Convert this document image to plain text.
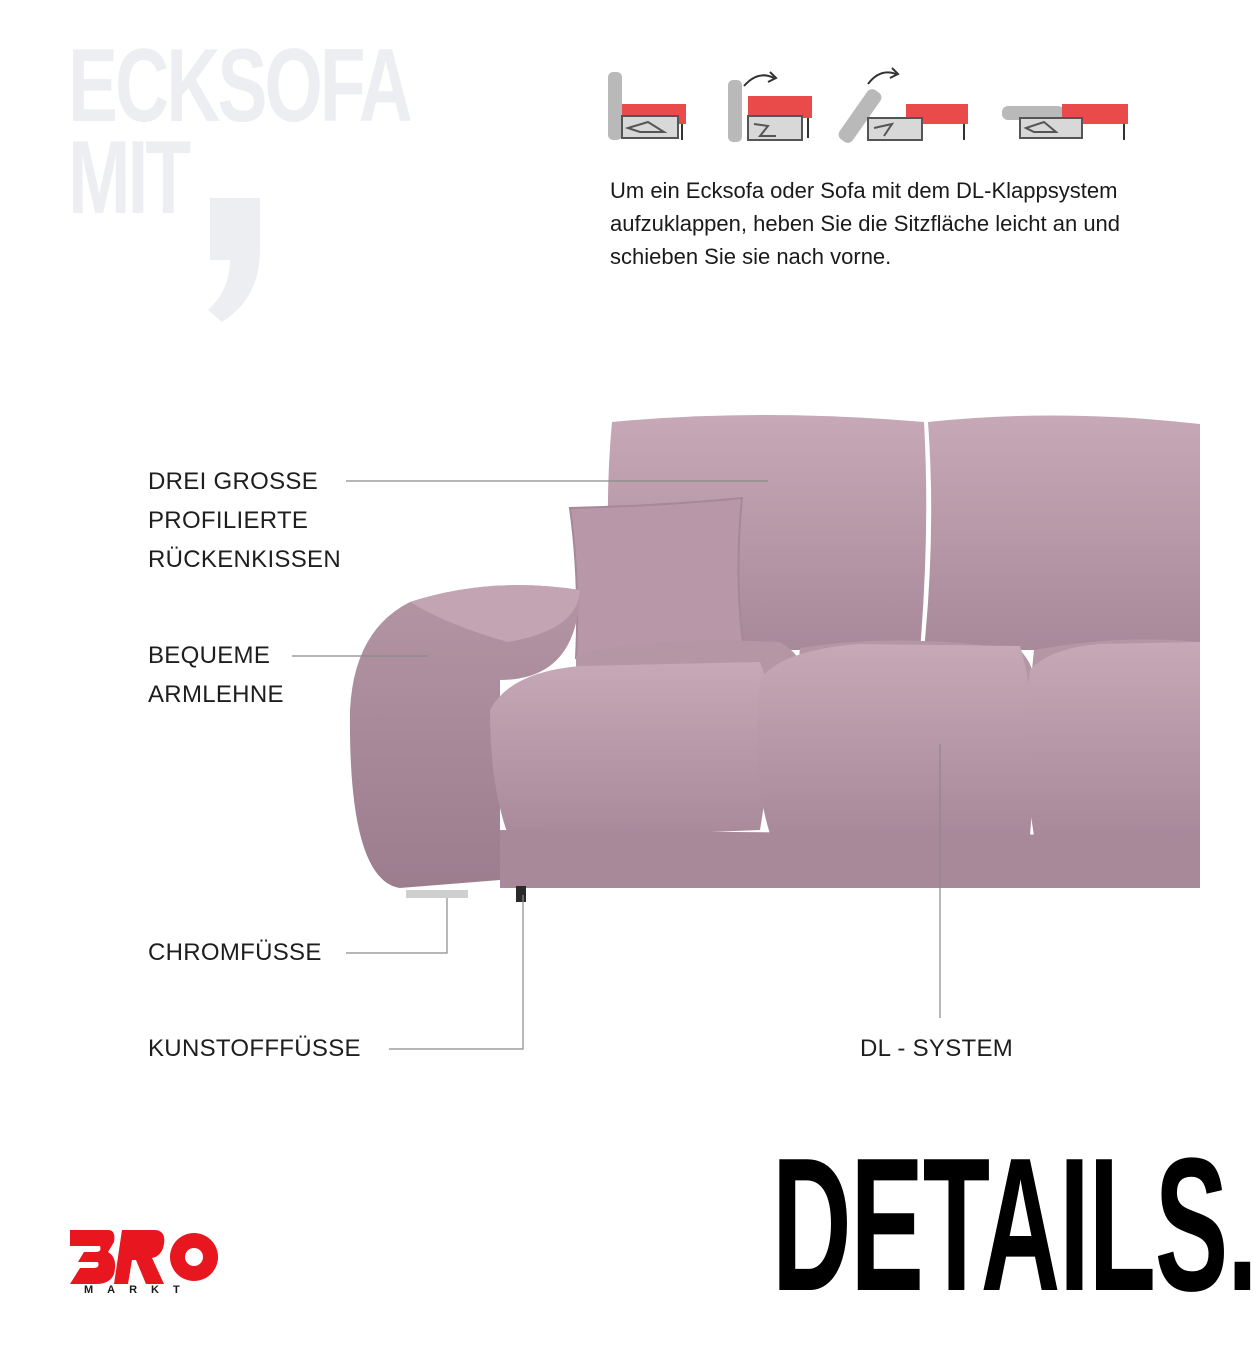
ECKSOFA
MIT	Um ein Ecksofa oder Sofa mit dem DL-Klappsystem aufzuklappen, heben Sie die Sitzfläche leicht an und schieben Sie sie nach vorne.

DREI GROSSE
PROFILIERTE
RÜCKENKISSEN
BEQUEME
ARMLEHNE
CHROMFÜSSE
KUNSTOFFFÜSSE	DL - SYSTEM
DETAILS.
MARKT
